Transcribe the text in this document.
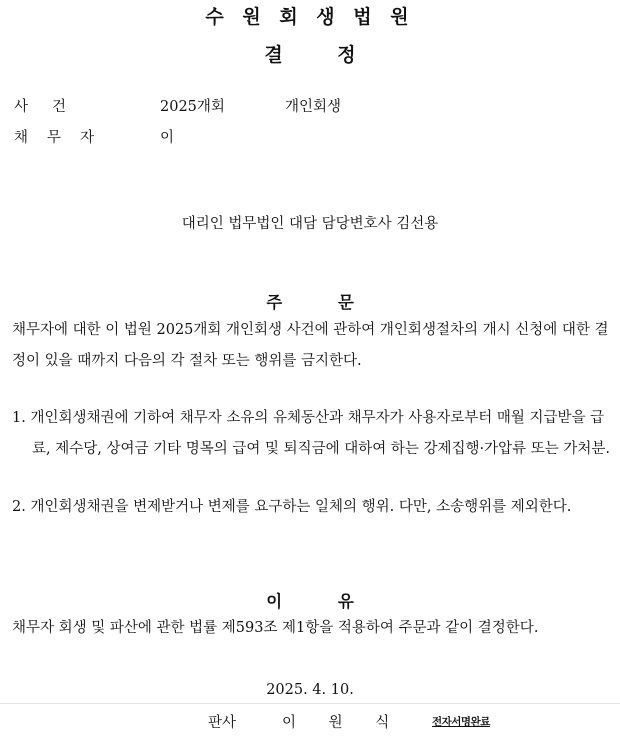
수 원 회 생 법 원
결 정
사건	2025개회	개인회생
채무자	이
대리인 법무법인 대담 담당변호사 김선용
주 문
채무자에 대한 이 법원 2025개회 개인회생 사건에 관하여 개인회생절차의 개시 신청에 대한 결정이 있을 때까지 다음의 각 절차 또는 행위를 금지한다.
1. 개인회생채권에 기하여 채무자 소유의 유체동산과 채무자가 사용자로부터 매월 지급받을 급료, 제수당, 상여금 기타 명목의 급여 및 퇴직금에 대하여 하는 강제집행·가압류 또는 가처분.
2. 개인회생채권을 변제받거나 변제를 요구하는 일체의 행위. 다만, 소송행위를 제외한다.
이 유
채무자 회생 및 파산에 관한 법률 제593조 제1항을 적용하여 주문과 같이 결정한다.
2025. 4. 10.
판사	이 원 식	전자서명완료
